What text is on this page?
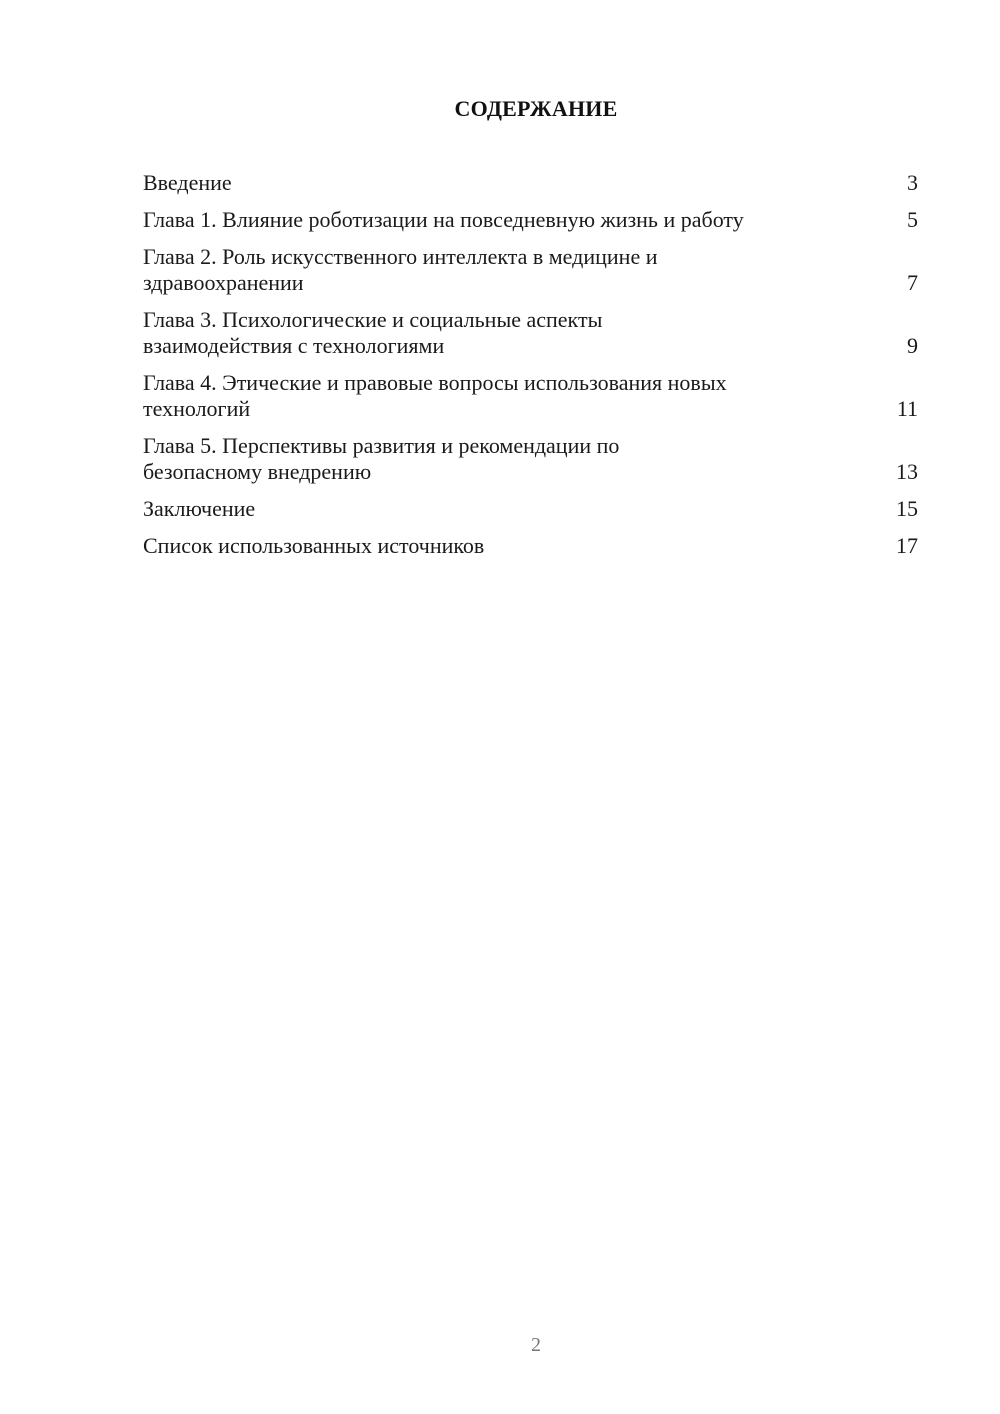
СОДЕРЖАНИЕ
Введение	3
Глава 1. Влияние роботизации на повседневную жизнь и работу	5
Глава 2. Роль искусственного интеллекта в медицине и здравоохранении	7
Глава 3. Психологические и социальные аспекты взаимодействия с технологиями	9
Глава 4. Этические и правовые вопросы использования новых технологий	11
Глава 5. Перспективы развития и рекомендации по безопасному внедрению	13
Заключение	15
Список использованных источников	17
2
